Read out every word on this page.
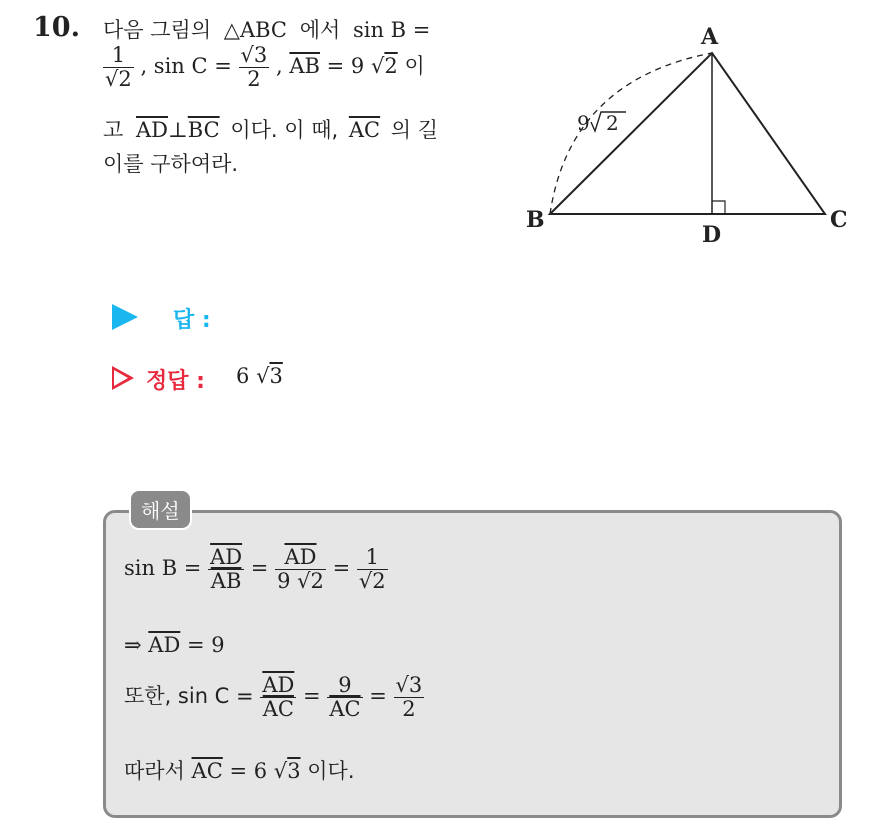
10. 다음 그림의 △ABC 에서 sin B =
$\frac{1}{√2}$ , $\sin C = \frac{√3}{2}$ , $\overline{AB} = 9$ √2 이
고 $\overline{AD}\perp\overline{BC}$ 이다. 이 때, $\overline{AC}$ 의 길
이를 구하여라.
A
B	C
D
9 2
답 :
정답 : 6 √3
해설
$\sin B = \frac{\overline{AD}}{AB} = \frac{\overline{AD}}{9 √2} = \frac{1}{√2}$
⇒ $\overline{AD} = 9$
또한, $\sin C = \frac{\overline{AD}}{AC} = \frac{9}{AC} = \frac{√3}{2}$
따라서 $\overline{AC} = 6$ √3 이다.
